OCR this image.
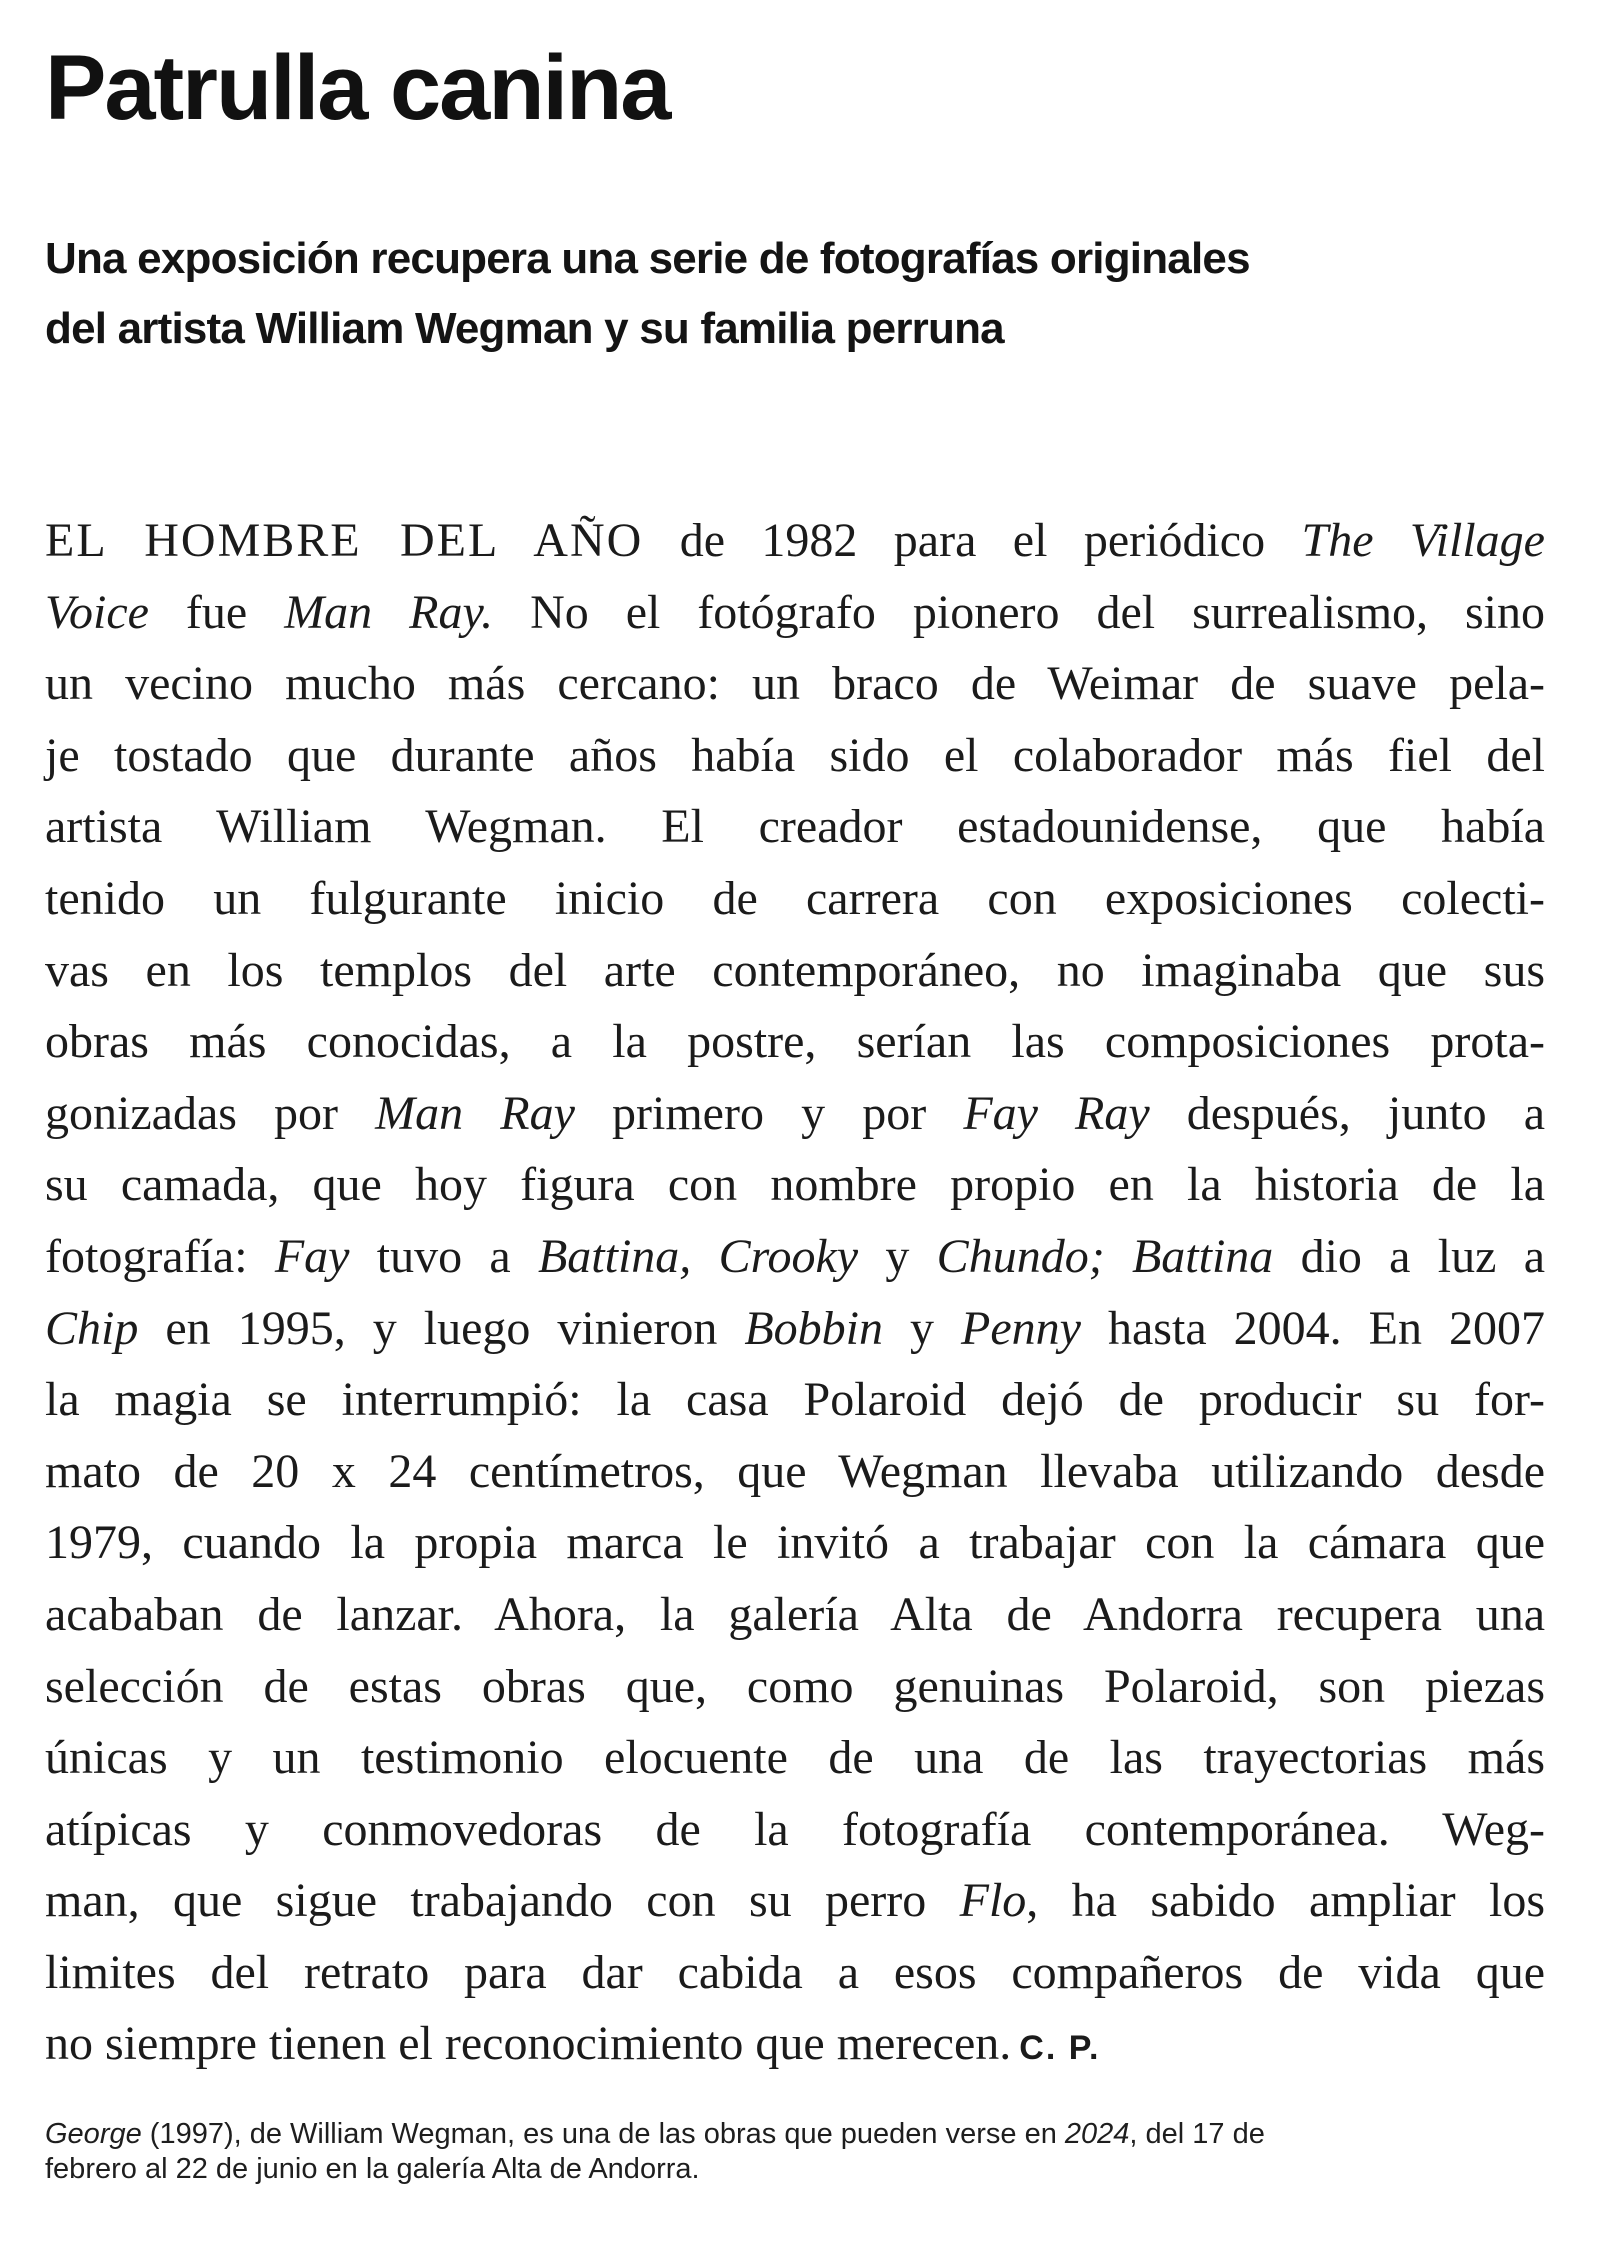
Patrulla canina
Una exposición recupera una serie de fotografías originales
del artista William Wegman y su familia perruna
EL HOMBRE DEL AÑO de 1982 para el periódico The Village
Voice fue Man Ray. No el fotógrafo pionero del surrealismo, sino
un vecino mucho más cercano: un braco de Weimar de suave pela-
je tostado que durante años había sido el colaborador más fiel del
artista William Wegman. El creador estadounidense, que había
tenido un fulgurante inicio de carrera con exposiciones colecti-
vas en los templos del arte contemporáneo, no imaginaba que sus
obras más conocidas, a la postre, serían las composiciones prota-
gonizadas por Man Ray primero y por Fay Ray después, junto a
su camada, que hoy figura con nombre propio en la historia de la
fotografía: Fay tuvo a Battina, Crooky y Chundo; Battina dio a luz a
Chip en 1995, y luego vinieron Bobbin y Penny hasta 2004. En 2007
la magia se interrumpió: la casa Polaroid dejó de producir su for-
mato de 20 x 24 centímetros, que Wegman llevaba utilizando desde
1979, cuando la propia marca le invitó a trabajar con la cámara que
acababan de lanzar. Ahora, la galería Alta de Andorra recupera una
selección de estas obras que, como genuinas Polaroid, son piezas
únicas y un testimonio elocuente de una de las trayectorias más
atípicas y conmovedoras de la fotografía contemporánea. Weg-
man, que sigue trabajando con su perro Flo, ha sabido ampliar los
limites del retrato para dar cabida a esos compañeros de vida que
no siempre tienen el reconocimiento que merecen. C. P.
George (1997), de William Wegman, es una de las obras que pueden verse en 2024, del 17 de
febrero al 22 de junio en la galería Alta de Andorra.
